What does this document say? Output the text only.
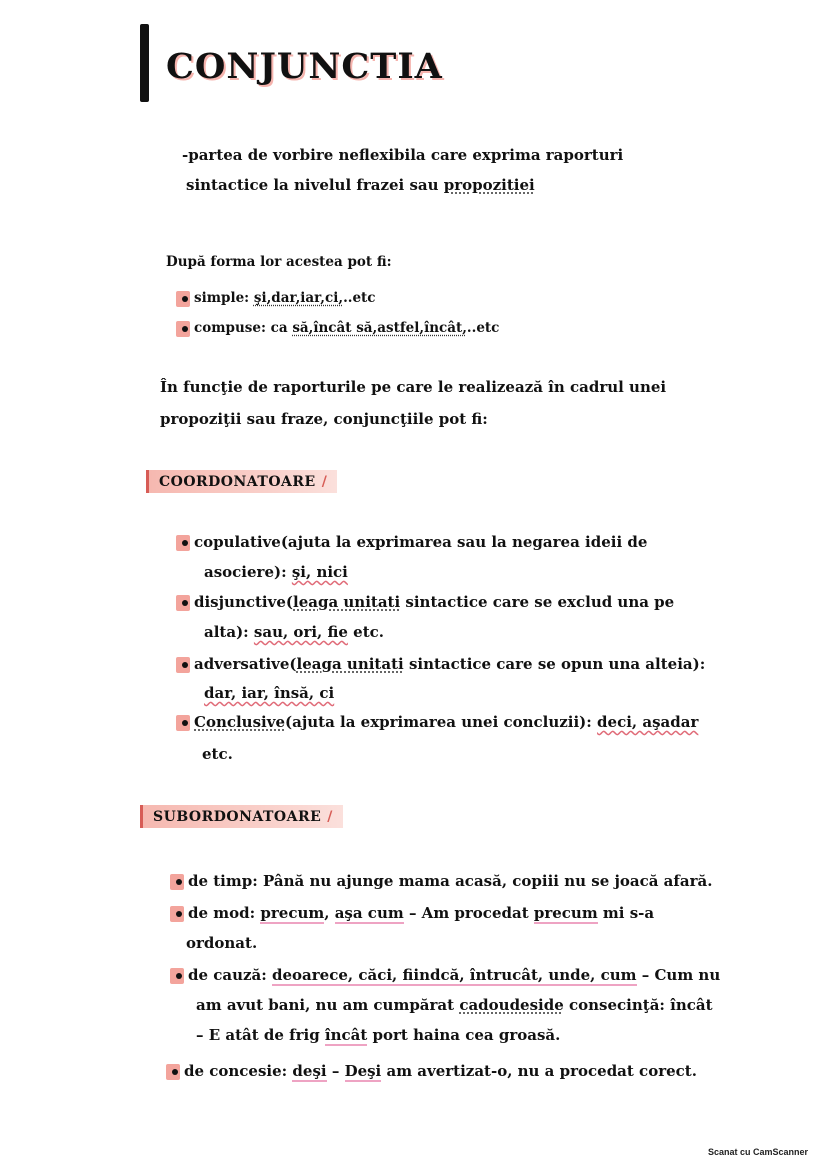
CONJUNCTIA
-partea de vorbire neflexibila care exprima raporturi
sintactice la nivelul frazei sau propozitiei
După forma lor acestea pot fi:
simple: şi,dar,iar,ci,..etc
compuse: ca să,încât să,astfel,încât,..etc
În funcţie de raporturile pe care le realizează în cadrul unei
propoziţii sau fraze, conjuncţiile pot fi:
COORDONATOARE /
copulative(ajuta la exprimarea sau la negarea ideii de
asociere): şi, nici
disjunctive(leaga unitati sintactice care se exclud una pe
alta): sau, ori, fie etc.
adversative(leaga unitati sintactice care se opun una alteia):
dar, iar, însă, ci
Conclusive(ajuta la exprimarea unei concluzii): deci, aşadar
etc.
SUBORDONATOARE /
de timp: Până nu ajunge mama acasă, copiii nu se joacă afară.
de mod: precum, aşa cum – Am procedat precum mi s-a
ordonat.
de cauză: deoarece, căci, fiindcă, întrucât, unde, cum – Cum nu
am avut bani, nu am cumpărat cadoudeside consecinţă: încât
– E atât de frig încât port haina cea groasă.
de concesie: deşi – Deşi am avertizat-o, nu a procedat corect.
Scanat cu CamScanner
